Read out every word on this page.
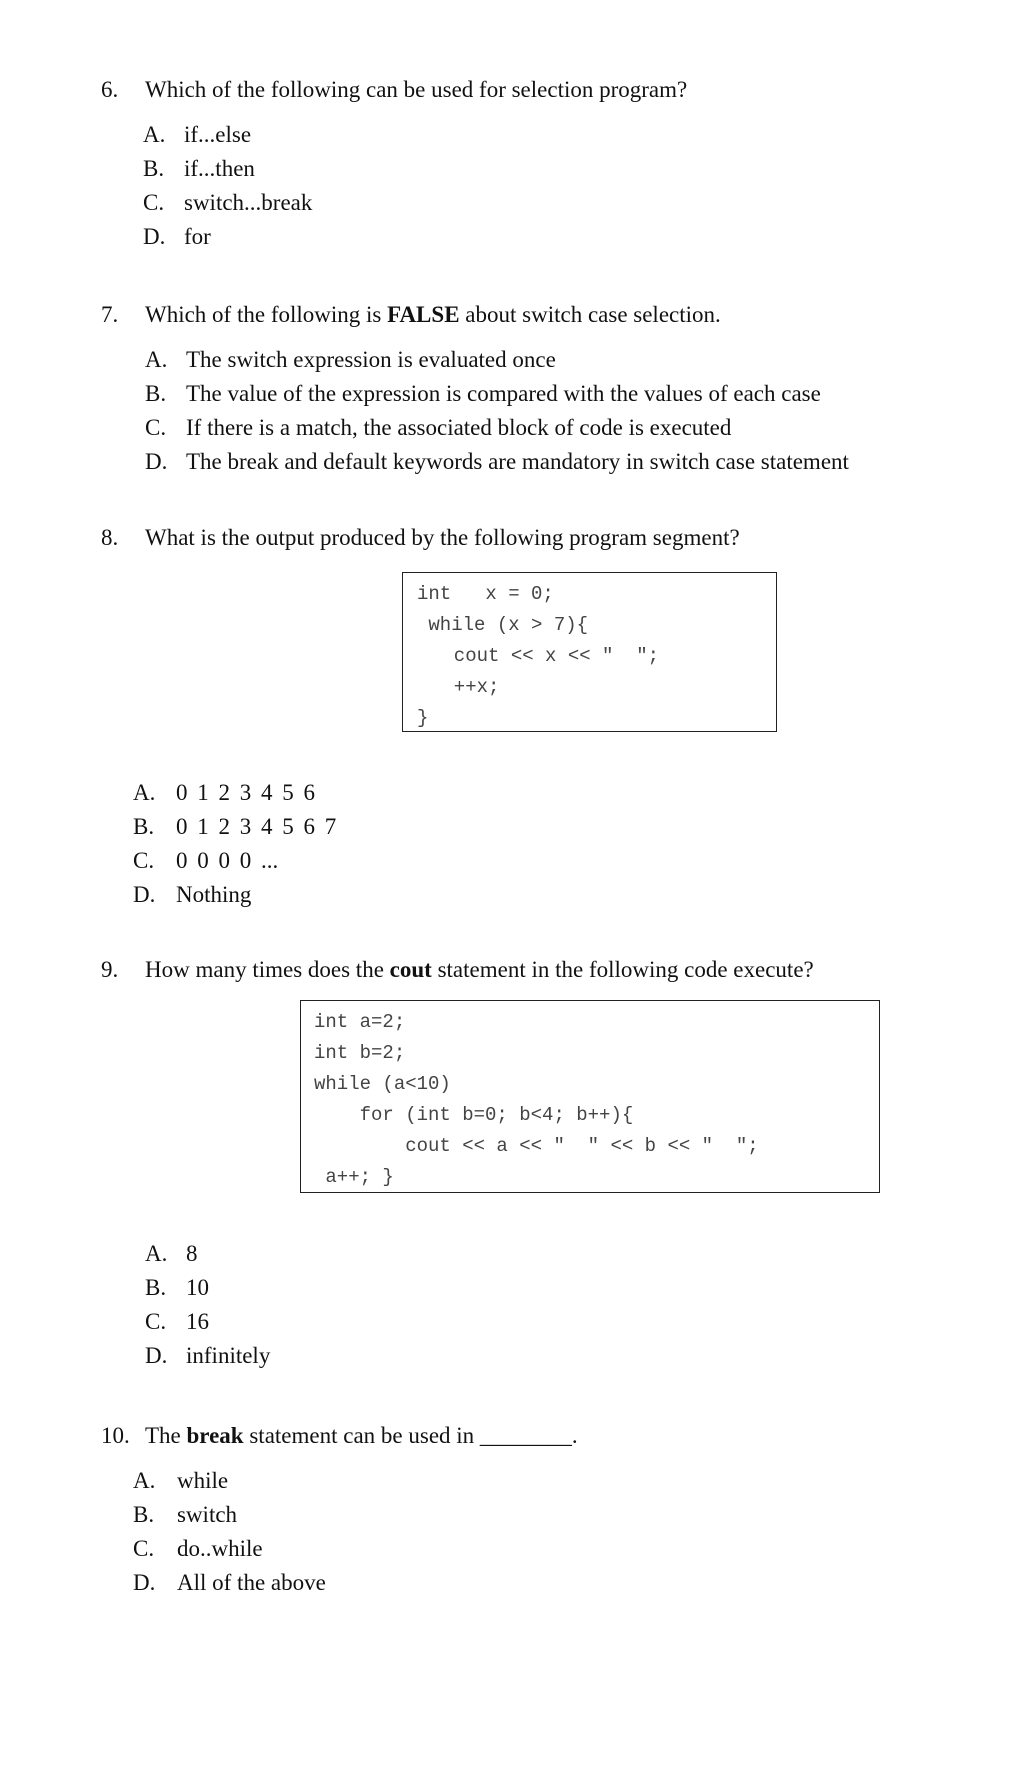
6. Which of the following can be used for selection program?
A. if...else
B. if...then
C. switch...break
D. for
7. Which of the following is FALSE about switch case selection.
A. The switch expression is evaluated once
B. The value of the expression is compared with the values of each case
C. If there is a match, the associated block of code is executed
D. The break and default keywords are mandatory in switch case statement
8. What is the output produced by the following program segment?
int   x = 0;
while (x > 7){
cout << x << "  ";
++x;
}
A. 0 1 2 3 4 5 6
B. 0 1 2 3 4 5 6 7
C. 0 0 0 0 ...
D. Nothing
9. How many times does the cout statement in the following code execute?
int a=2;
int b=2;
while (a<10)
for (int b=0; b<4; b++){
cout << a << "  " << b << "  ";
a++; }
A. 8
B. 10
C. 16
D. infinitely
10. The break statement can be used in ________.
A. while
B. switch
C. do..while
D. All of the above
